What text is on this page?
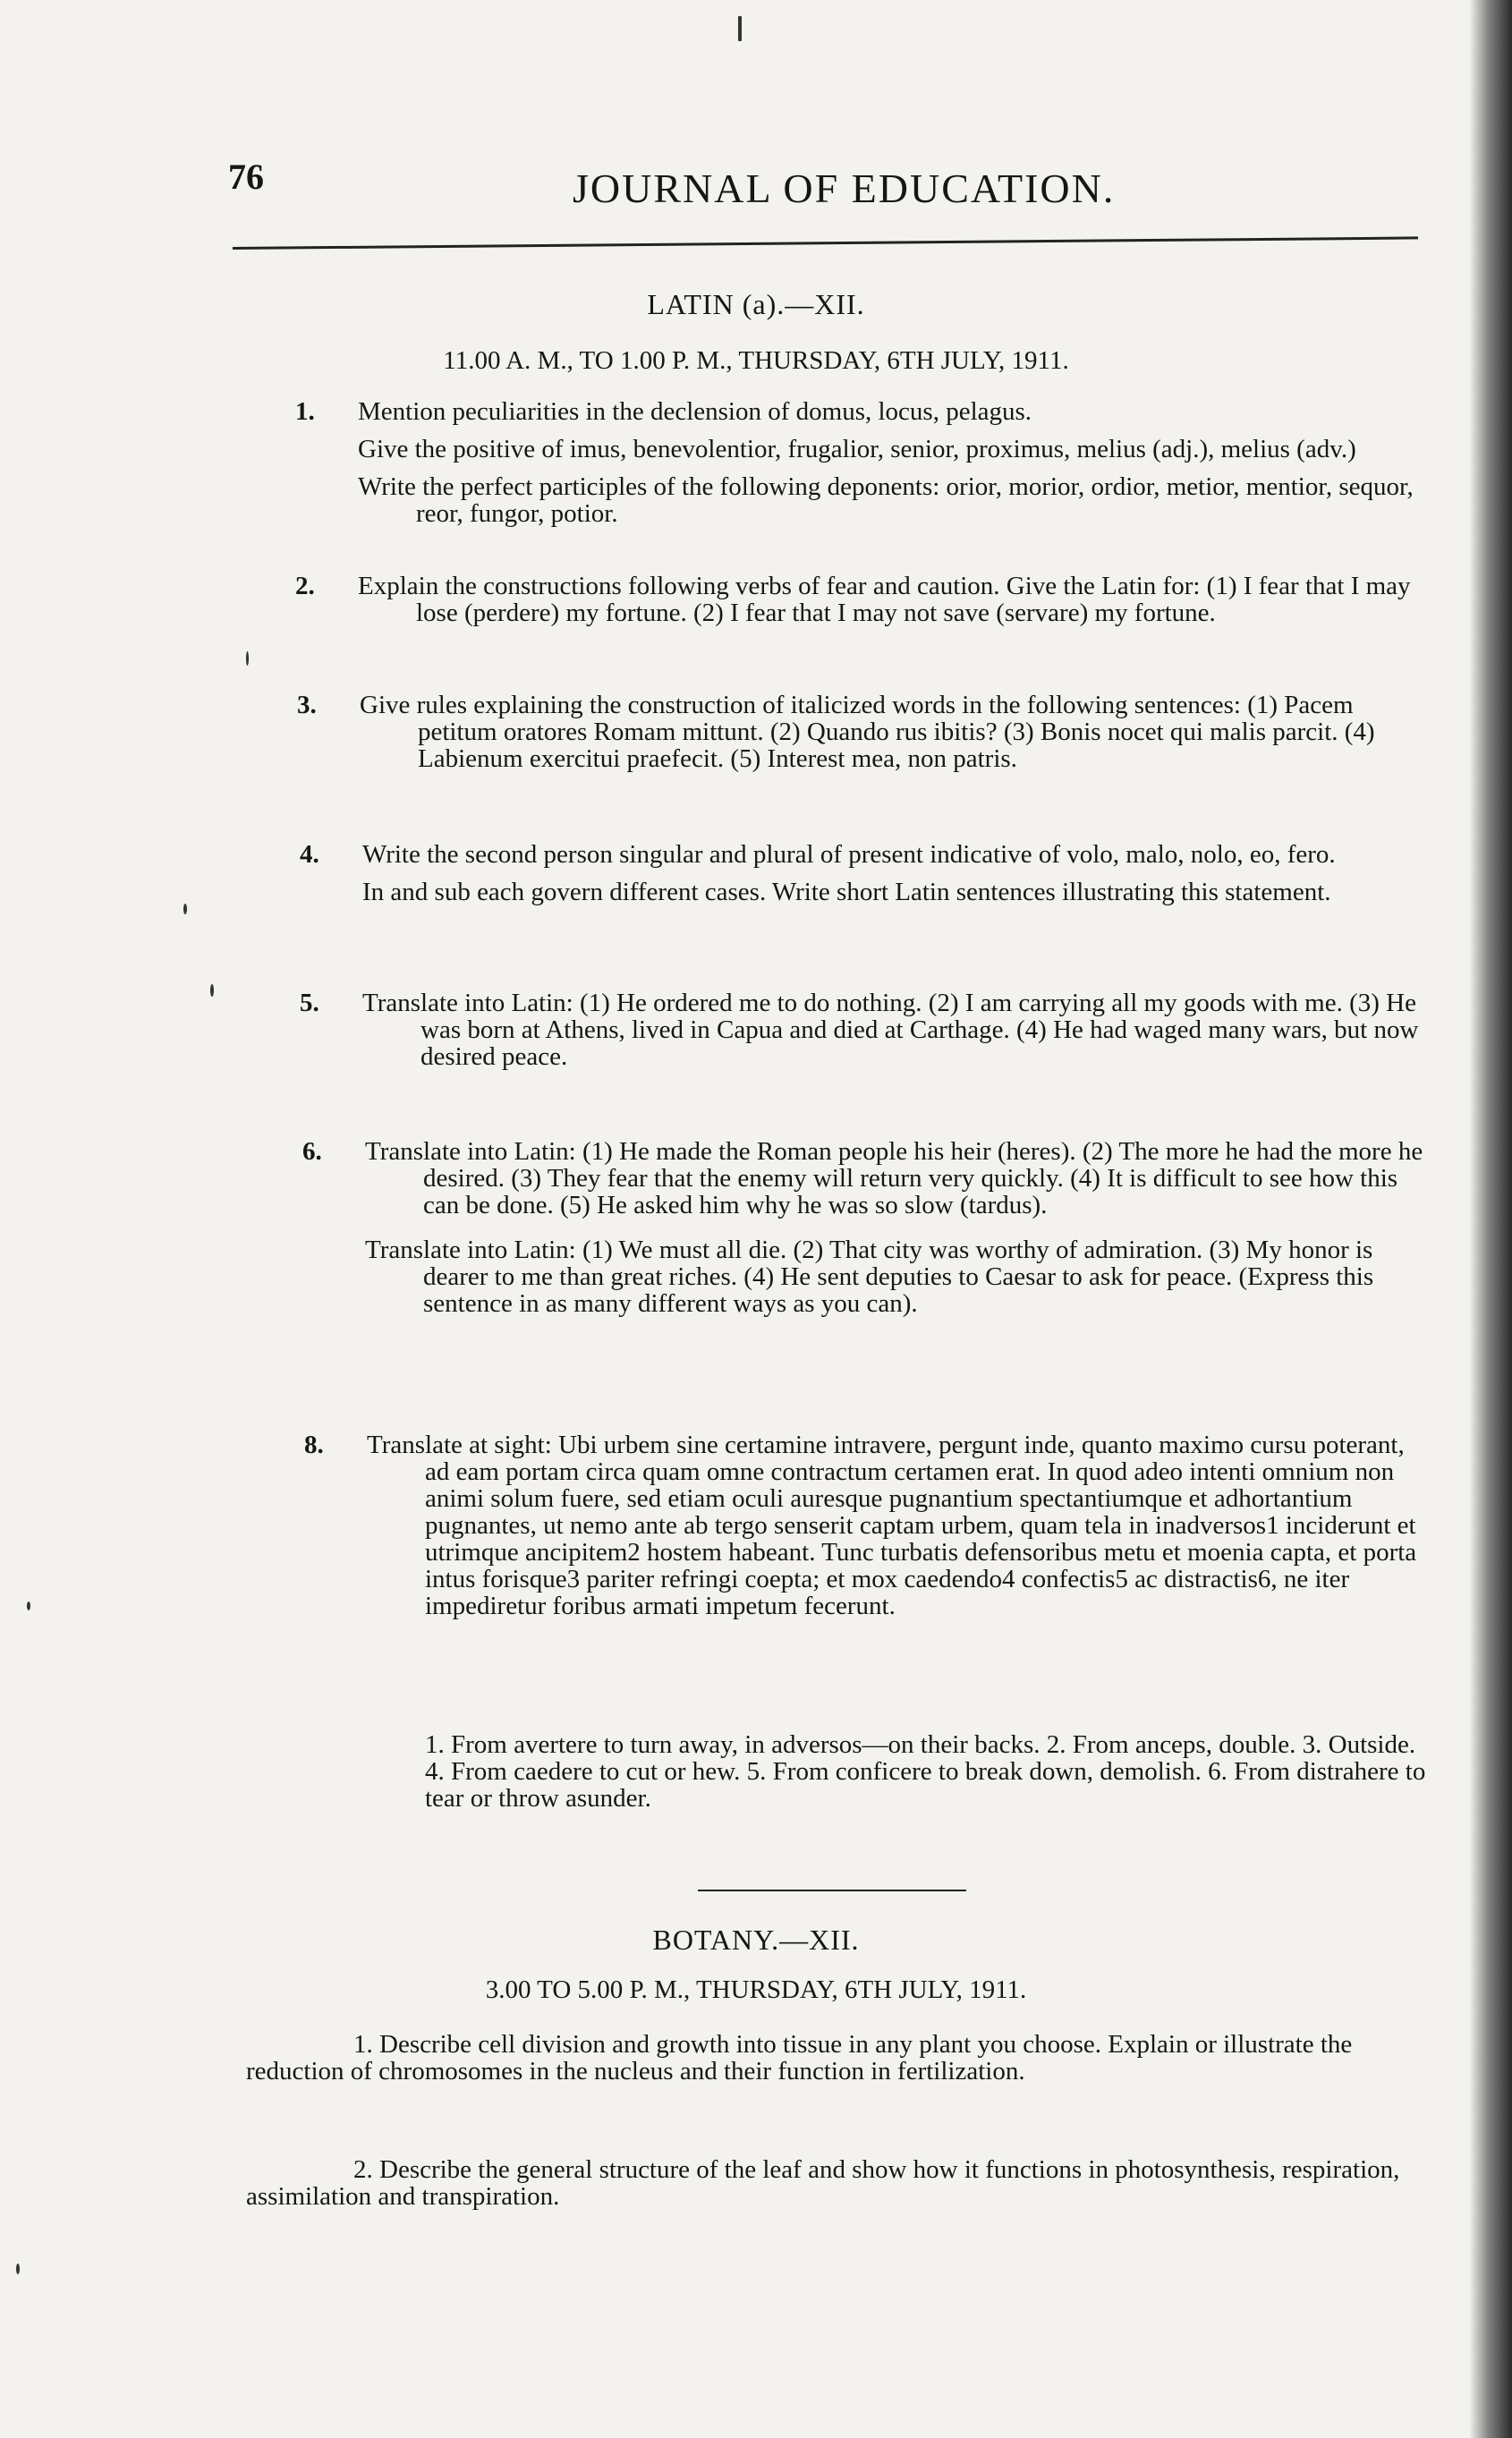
76	JOURNAL OF EDUCATION.
LATIN (a).—XII.
11.00 A. M., TO 1.00 P. M., THURSDAY, 6TH JULY, 1911.
1. Mention peculiarities in the declension of domus, locus, pelagus.

Give the positive of imus, benevolentior, frugalior, senior, proximus, melius (adj.), melius (adv.)

Write the perfect participles of the following deponents: orior, morior, ordior, metior, mentior, sequor, reor, fungor, potior.

2. Explain the constructions following verbs of fear and caution. Give the Latin for: (1) I fear that I may lose (perdere) my fortune. (2) I fear that I may not save (servare) my fortune.

3. Give rules explaining the construction of italicized words in the following sentences: (1) Pacem petitum oratores Romam mittunt. (2) Quando rus ibitis? (3) Bonis nocet qui malis parcit. (4) Labienum exercitui praefecit. (5) Interest mea, non patris.

4. Write the second person singular and plural of present indicative of volo, malo, nolo, eo, fero.

In and sub each govern different cases. Write short Latin sentences illustrating this statement.

5. Translate into Latin: (1) He ordered me to do nothing. (2) I am carrying all my goods with me. (3) He was born at Athens, lived in Capua and died at Carthage. (4) He had waged many wars, but now desired peace.

6. Translate into Latin: (1) He made the Roman people his heir (heres). (2) The more he had the more he desired. (3) They fear that the enemy will return very quickly. (4) It is difficult to see how this can be done. (5) He asked him why he was so slow (tardus).

Translate into Latin: (1) We must all die. (2) That city was worthy of admiration. (3) My honor is dearer to me than great riches. (4) He sent deputies to Caesar to ask for peace. (Express this sentence in as many different ways as you can).

8. Translate at sight: Ubi urbem sine certamine intravere, pergunt inde, quanto maximo cursu poterant, ad eam portam circa quam omne contractum certamen erat. In quod adeo intenti omnium non animi solum fuere, sed etiam oculi auresque pugnantium spectantiumque et adhortantium pugnantes, ut nemo ante ab tergo senserit captam urbem, quam tela in inadversos1 inciderunt et utrimque ancipitem2 hostem habeant. Tunc turbatis defensoribus metu et moenia capta, et porta intus forisque3 pariter refringi coepta; et mox caedendo4 confectis5 ac distractis6, ne iter impediretur foribus armati impetum fecerunt.

1. From avertere to turn away, in adversos—on their backs. 2. From anceps, double. 3. Outside. 4. From caedere to cut or hew. 5. From conficere to break down, demolish. 6. From distrahere to tear or throw asunder.

BOTANY.—XII.
3.00 TO 5.00 P. M., THURSDAY, 6TH JULY, 1911.
1. Describe cell division and growth into tissue in any plant you choose. Explain or illustrate the reduction of chromosomes in the nucleus and their function in fertilization.
2. Describe the general structure of the leaf and show how it functions in photosynthesis, respiration, assimilation and transpiration.
